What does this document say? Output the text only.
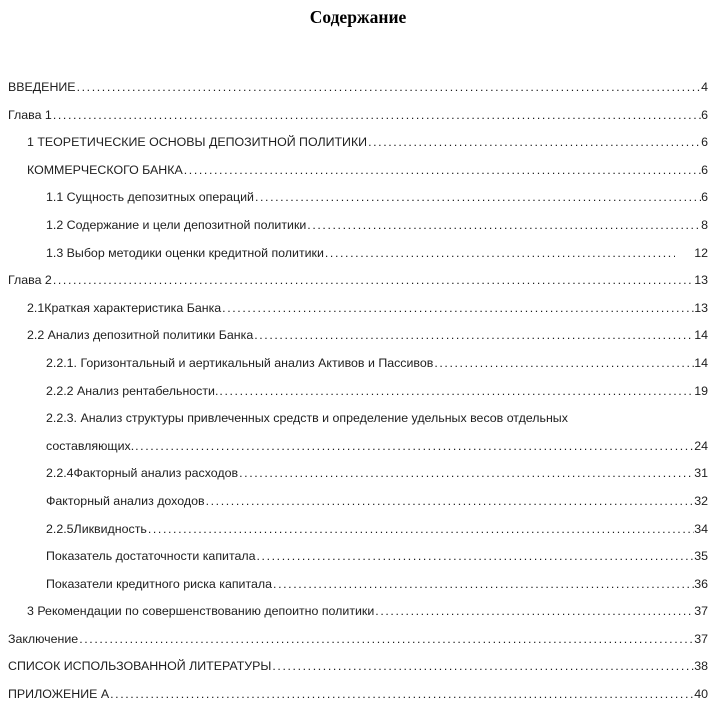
Содержание
ВВЕДЕНИЕ .....	4
Глава 1 .....	6
1 ТЕОРЕТИЧЕСКИЕ ОСНОВЫ ДЕПОЗИТНОЙ ПОЛИТИКИ .....	6
КОММЕРЧЕСКОГО БАНКА .....	6
1.1 Сущность депозитных операций .....	6
1.2 Содержание и цели депозитной политики .....	8
1.3 Выбор методики оценки кредитной политики .....	12
Глава 2 .....	13
2.1Краткая характеристика Банка .....	13
2.2 Анализ депозитной политики Банка .....	14
2.2.1. Горизонтальный и аертикальный анализ Активов и Пассивов .....	14
2.2.2 Анализ рентабельности. .....	19
2.2.3. Анализ структуры привлеченных средств и определение удельных весов отдельных
составляющих. .....	24
2.2.4Факторный анализ расходов .....	31
Факторный анализ доходов .....	32
2.2.5Ликвидность .....	34
Показатель достаточности капитала .....	35
Показатели кредитного риска капитала .....	36
3 Рекомендации по совершенствованию депоитно политики .....	37
Заключение .....	37
СПИСОК ИСПОЛЬЗОВАННОЙ ЛИТЕРАТУРЫ .....	38
ПРИЛОЖЕНИЕ А .....	40
